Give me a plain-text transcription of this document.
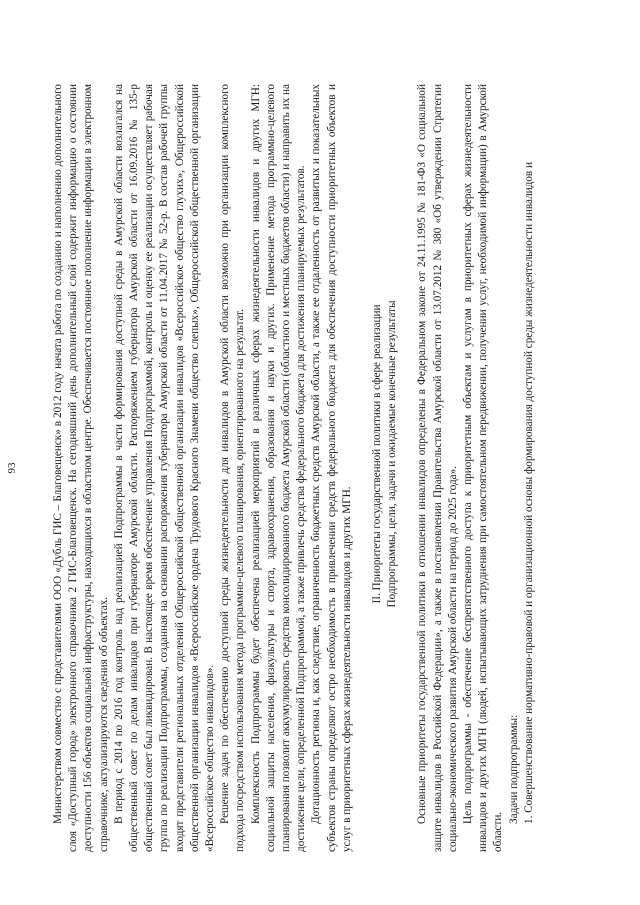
93	Министерством совместно с представителями ООО «Дубль ГИС – Благовещенск» в 2012 году начата работа по созданию и наполнению дополнительного слоя «Доступный город» электронного справочника 2 ГИС-Благовещенск. На сегодняшний день дополнительный слой содержит информацию о состоянии доступности 156 объектов социальной инфраструктуры, находящихся в областном центре. Обеспечивается постоянное пополнение информации в электронном справочнике, актуализируются сведения об объектах. В период с 2014 по 2016 год контроль над реализацией Подпрограммы в части формирования доступной среды в Амурской области возлагался на общественный совет по делам инвалидов при губернаторе Амурской области. Распоряжением губернатора Амурской области от 16.09.2016 № 135-р общественный совет был ликвидирован. В настоящее время обеспечение управления Подпрограммой, контроль и оценку ее реализации осуществляет рабочая группа по реализации Подпрограммы, созданная на основании распоряжения губернатора Амурской области от 11.04.2017 № 52-р. В состав рабочей группы входят представители региональных отделений Общероссийской общественной организации инвалидов «Всероссийское общество глухих», Общероссийской общественной организации инвалидов «Всероссийское ордена Трудового Красного Знамени общество слепых», Общероссийской общественной организации «Всероссийское общество инвалидов». Решение задач по обеспечению доступной среды жизнедеятельности для инвалидов в Амурской области возможно при организации комплексного подхода посредством использования метода программно-целевого планирования, ориентированного на результат. Комплексность Подпрограммы будет обеспечена реализацией мероприятий в различных сферах жизнедеятельности инвалидов и других МГН: социальной защиты населения, физкультуры и спорта, здравоохранения, образования и науки и других. Применение метода программно-целевого планирования позволит аккумулировать средства консолидированного бюджета Амурской области (областного и местных бюджетов области) и направить их на достижение цели, определенной Подпрограммой, а также привлечь средства федерального бюджета для достижения планируемых результатов. Дотационность региона и, как следствие, ограниченность бюджетных средств Амурской области, а также ее отдаленность от развитых и показательных субъектов страны определяют остро необходимость в привлечении средств федерального бюджета для обеспечения доступности приоритетных объектов и услуг в приоритетных сферах жизнедеятельности инвалидов и других МГН.

II. Приоритеты государственной политики в сфере реализации Подпрограммы, цели, задачи и ожидаемые конечные результаты Основные приоритеты государственной политики в отношении инвалидов определены в Федеральном законе от 24.11.1995 № 181-ФЗ «О социальной защите инвалидов в Российской Федерации», а также в постановлении Правительства Амурской области от 13.07.2012 № 380 «Об утверждении Стратегии социально-экономического развития Амурской области на период до 2025 года». Цель подпрограммы - обеспечение беспрепятственного доступа к приоритетным объектам и услугам в приоритетных сферах жизнедеятельности инвалидов и других МГН (людей, испытывающих затруднения при самостоятельном передвижении, получении услуг, необходимой информации) в Амурской области.

Задачи подпрограммы: 1. Совершенствование нормативно-правовой и организационной основы формирования доступной среды жизнедеятельности инвалидов и
